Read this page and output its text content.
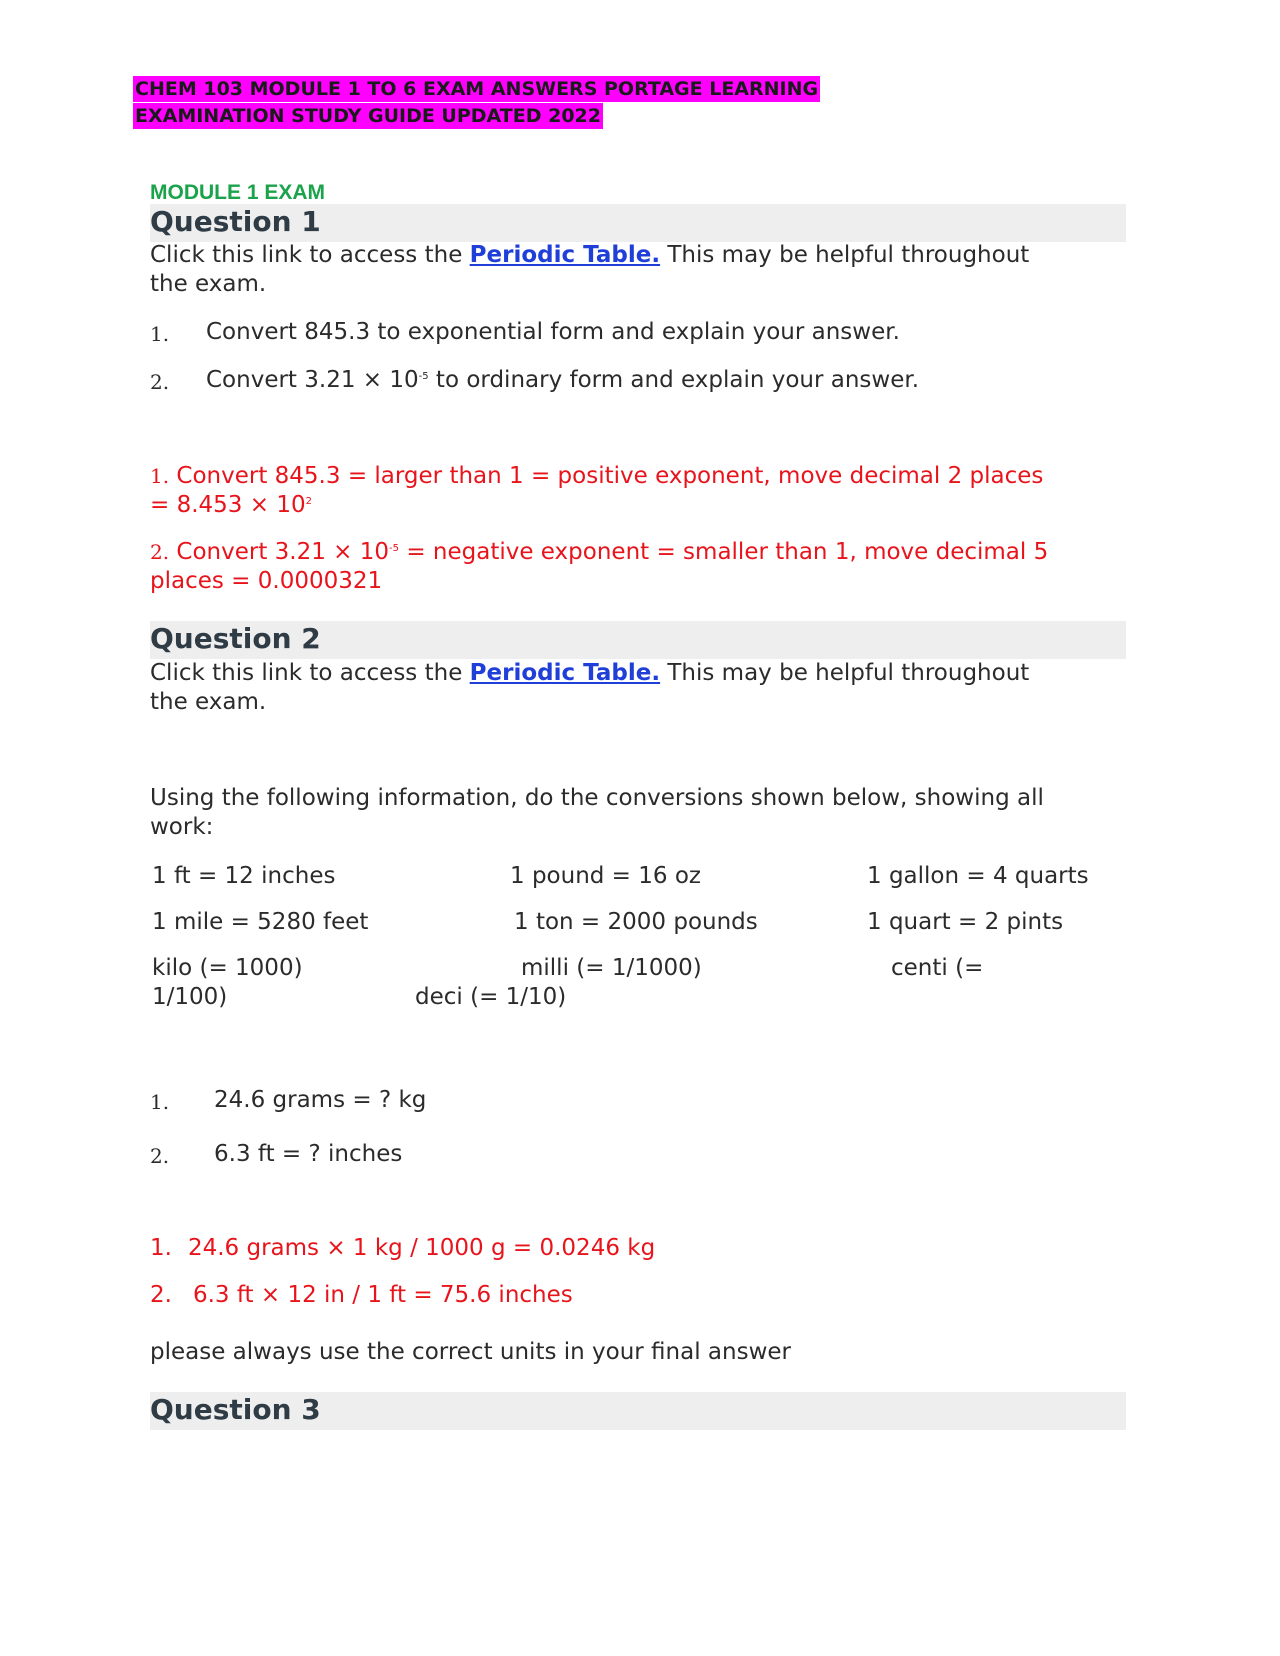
CHEM 103 MODULE 1 TO 6 EXAM ANSWERS PORTAGE LEARNING
EXAMINATION STUDY GUIDE UPDATED 2022
MODULE 1 EXAM
Question 1
Click this link to access the Periodic Table. This may be helpful throughout
the exam.
1. Convert 845.3 to exponential form and explain your answer.
2. Convert $3.21 \times 10^{-5}$ to ordinary form and explain your answer.
1. Convert 845.3 = larger than 1 = positive exponent, move decimal 2 places
= $8.453 \times 10^2$
2. Convert $3.21 \times 10^{-5}$ = negative exponent = smaller than 1, move decimal 5
places = 0.0000321
Question 2
Click this link to access the Periodic Table. This may be helpful throughout
the exam.
Using the following information, do the conversions shown below, showing all
work:
1 ft = 12 inches	1 pound = 16 oz	1 gallon = 4 quarts
1 mile = 5280 feet	1 ton = 2000 pounds	1 quart = 2 pints
kilo (= 1000)	milli (= 1/1000)	centi (=
1/100)	deci (= 1/10)
1. 24.6 grams = ? kg
2. 6.3 ft = ? inches
1. 24.6 grams × 1 kg / 1000 g = 0.0246 kg
2. 6.3 ft × 12 in / 1 ft = 75.6 inches
please always use the correct units in your final answer
Question 3
